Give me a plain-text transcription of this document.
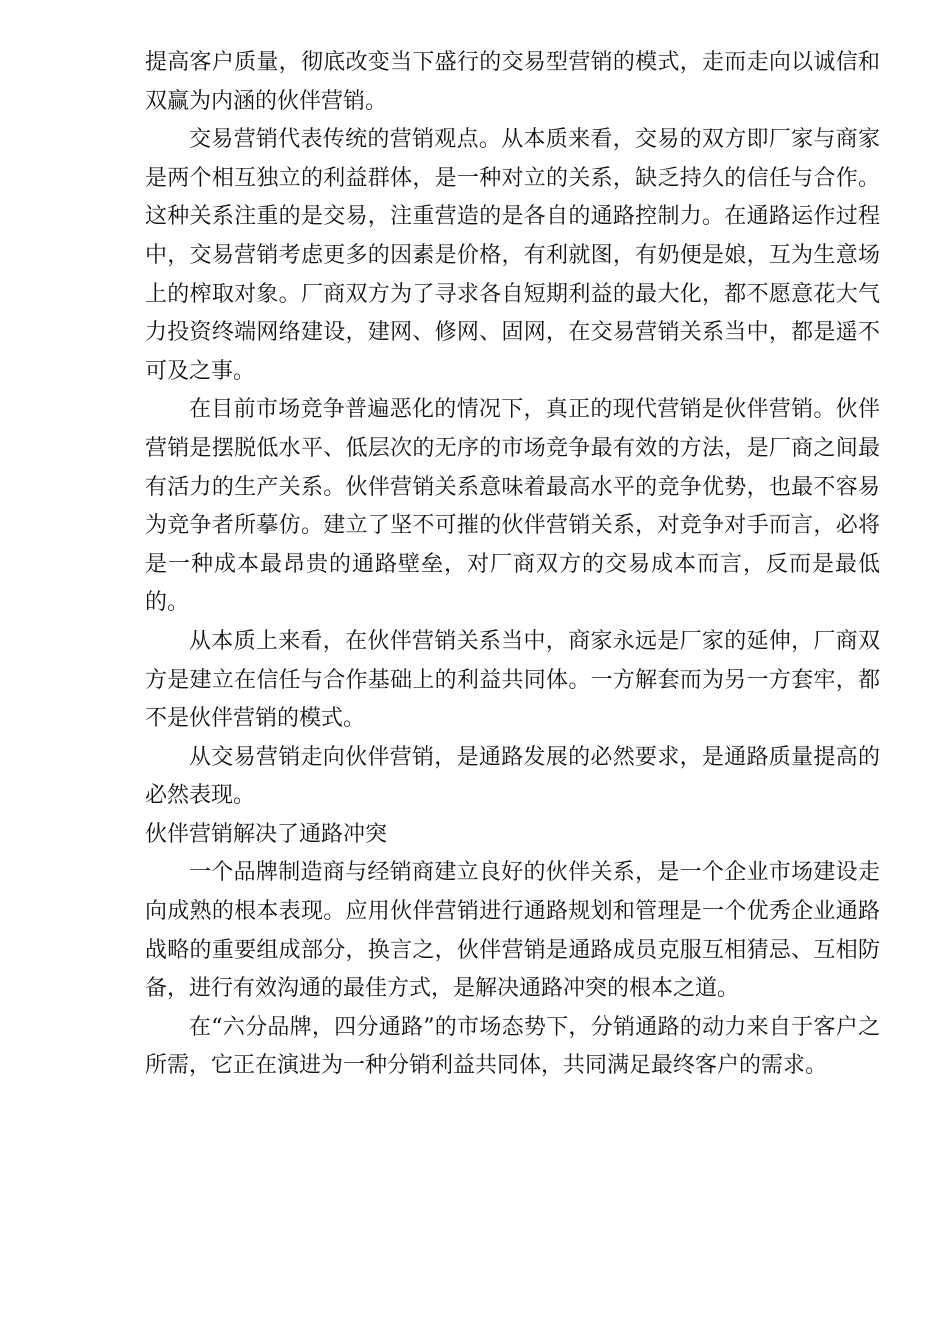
提高客户质量，彻底改变当下盛行的交易型营销的模式，走而走向以诚信和双赢为内涵的伙伴营销。

交易营销代表传统的营销观点。从本质来看，交易的双方即厂家与商家是两个相互独立的利益群体，是一种对立的关系，缺乏持久的信任与合作。这种关系注重的是交易，注重营造的是各自的通路控制力。在通路运作过程中，交易营销考虑更多的因素是价格，有利就图，有奶便是娘，互为生意场上的榨取对象。厂商双方为了寻求各自短期利益的最大化，都不愿意花大气力投资终端网络建设，建网、修网、固网，在交易营销关系当中，都是遥不可及之事。

在目前市场竞争普遍恶化的情况下，真正的现代营销是伙伴营销。伙伴营销是摆脱低水平、低层次的无序的市场竞争最有效的方法，是厂商之间最有活力的生产关系。伙伴营销关系意味着最高水平的竞争优势，也最不容易为竞争者所摹仿。建立了坚不可摧的伙伴营销关系，对竞争对手而言，必将是一种成本最昂贵的通路壁垒，对厂商双方的交易成本而言，反而是最低的。

从本质上来看，在伙伴营销关系当中，商家永远是厂家的延伸，厂商双方是建立在信任与合作基础上的利益共同体。一方解套而为另一方套牢，都不是伙伴营销的模式。

从交易营销走向伙伴营销，是通路发展的必然要求，是通路质量提高的必然表现。

伙伴营销解决了通路冲突

一个品牌制造商与经销商建立良好的伙伴关系，是一个企业市场建设走向成熟的根本表现。应用伙伴营销进行通路规划和管理是一个优秀企业通路战略的重要组成部分，换言之，伙伴营销是通路成员克服互相猜忌、互相防备，进行有效沟通的最佳方式，是解决通路冲突的根本之道。

在“六分品牌，四分通路”的市场态势下，分销通路的动力来自于客户之所需，它正在演进为一种分销利益共同体，共同满足最终客户的需求。
